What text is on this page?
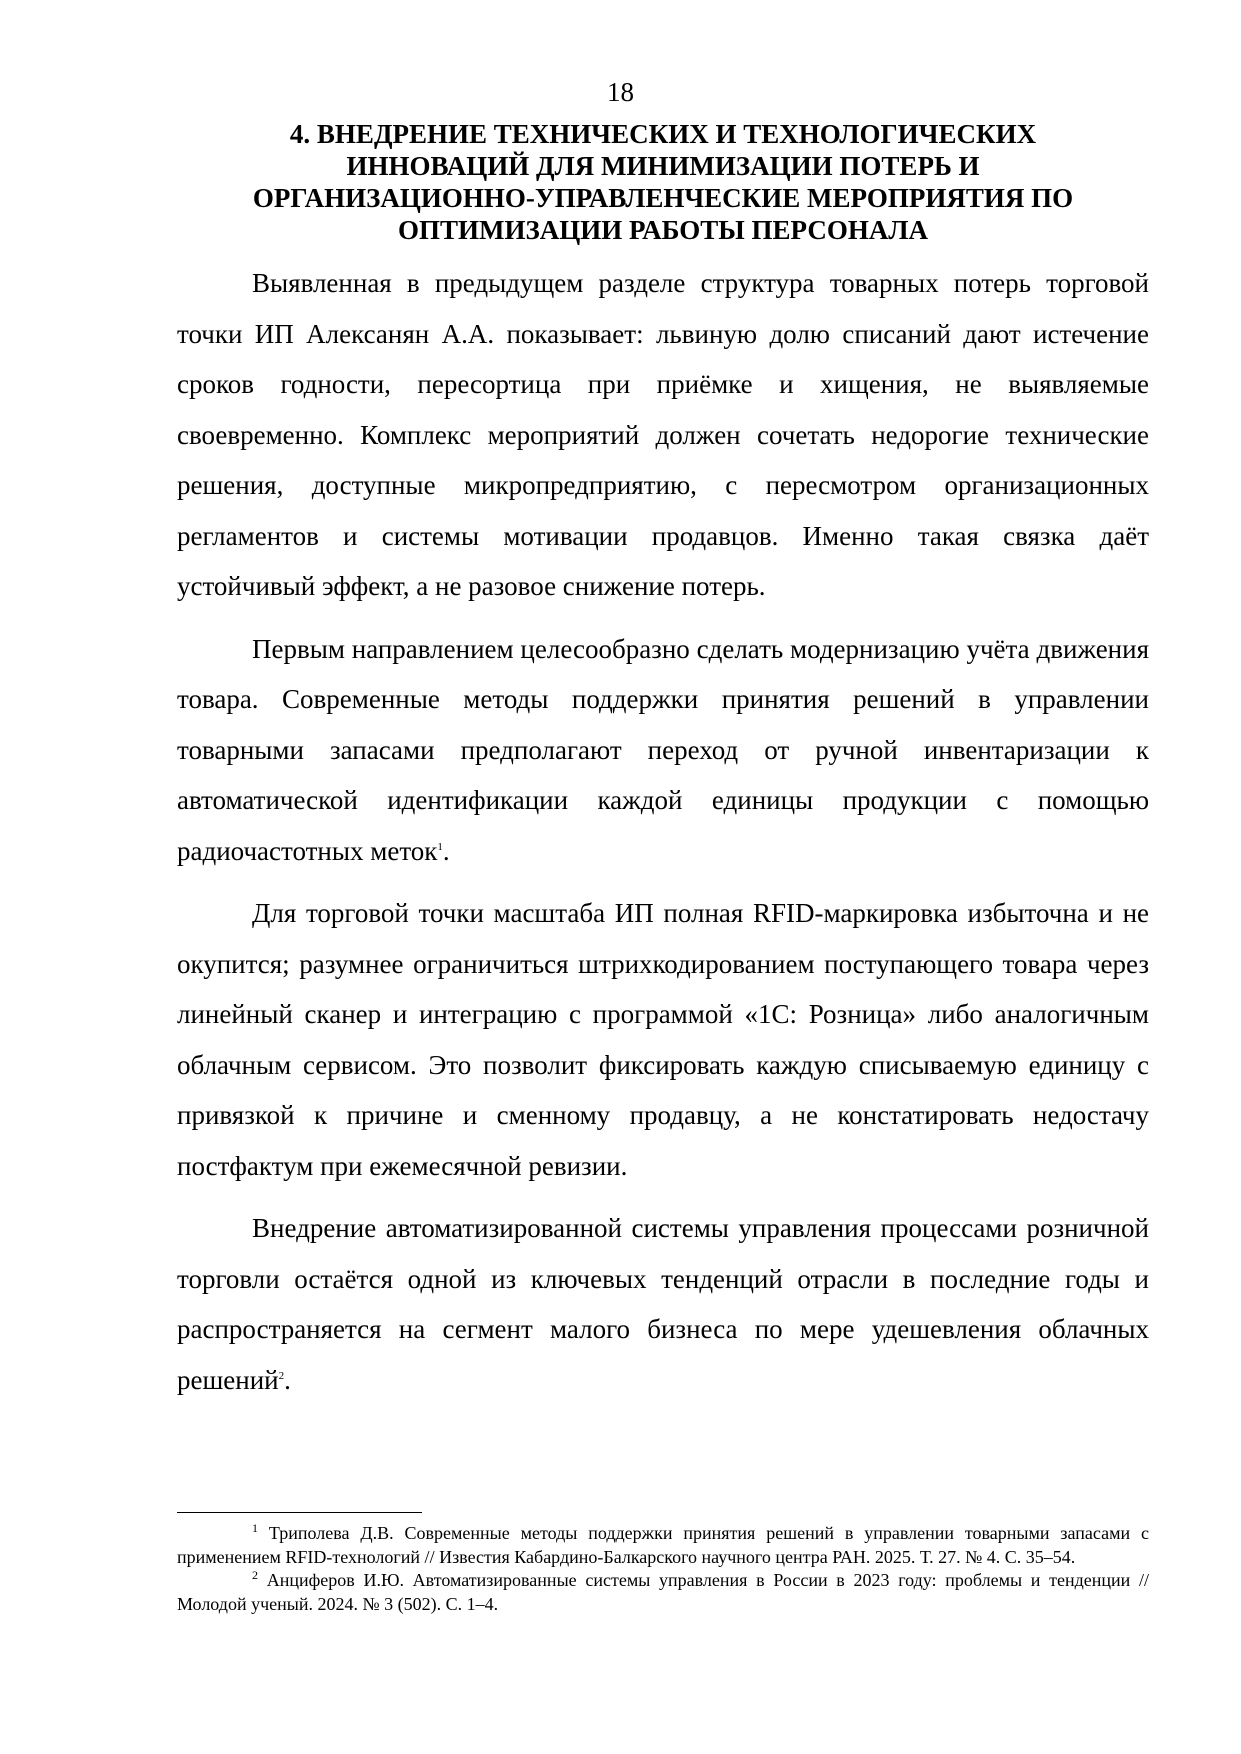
18
4. ВНЕДРЕНИЕ ТЕХНИЧЕСКИХ И ТЕХНОЛОГИЧЕСКИХ
ИННОВАЦИЙ ДЛЯ МИНИМИЗАЦИИ ПОТЕРЬ И
ОРГАНИЗАЦИОННО-УПРАВЛЕНЧЕСКИЕ МЕРОПРИЯТИЯ ПО
ОПТИМИЗАЦИИ РАБОТЫ ПЕРСОНАЛА

Выявленная в предыдущем разделе структура товарных потерь торговой точки ИП Алексанян А.А. показывает: львиную долю списаний дают истечение сроков годности, пересортица при приёмке и хищения, не выявляемые своевременно. Комплекс мероприятий должен сочетать недорогие технические решения, доступные микропредприятию, с пересмотром организационных регламентов и системы мотивации продавцов. Именно такая связка даёт устойчивый эффект, а не разовое снижение потерь.

Первым направлением целесообразно сделать модернизацию учёта движения товара. Современные методы поддержки принятия решений в управлении товарными запасами предполагают переход от ручной инвентаризации к автоматической идентификации каждой единицы продукции с помощью радиочастотных меток$^1$.

Для торговой точки масштаба ИП полная RFID-маркировка избыточна и не окупится; разумнее ограничиться штрихкодированием поступающего товара через линейный сканер и интеграцию с программой «1С: Розница» либо аналогичным облачным сервисом. Это позволит фиксировать каждую списываемую единицу с привязкой к причине и сменному продавцу, а не констатировать недостачу постфактум при ежемесячной ревизии.

Внедрение автоматизированной системы управления процессами розничной торговли остаётся одной из ключевых тенденций отрасли в последние годы и распространяется на сегмент малого бизнеса по мере удешевления облачных решений$^2$.

$^1$ Триполева Д.В. Современные методы поддержки принятия решений в управлении товарными запасами с применением RFID-технологий // Известия Кабардино-Балкарского научного центра РАН. 2025. Т. 27. № 4. С. 35–54.

$^2$ Анциферов И.Ю. Автоматизированные системы управления в России в 2023 году: проблемы и тенденции // Молодой ученый. 2024. № 3 (502). С. 1–4.
